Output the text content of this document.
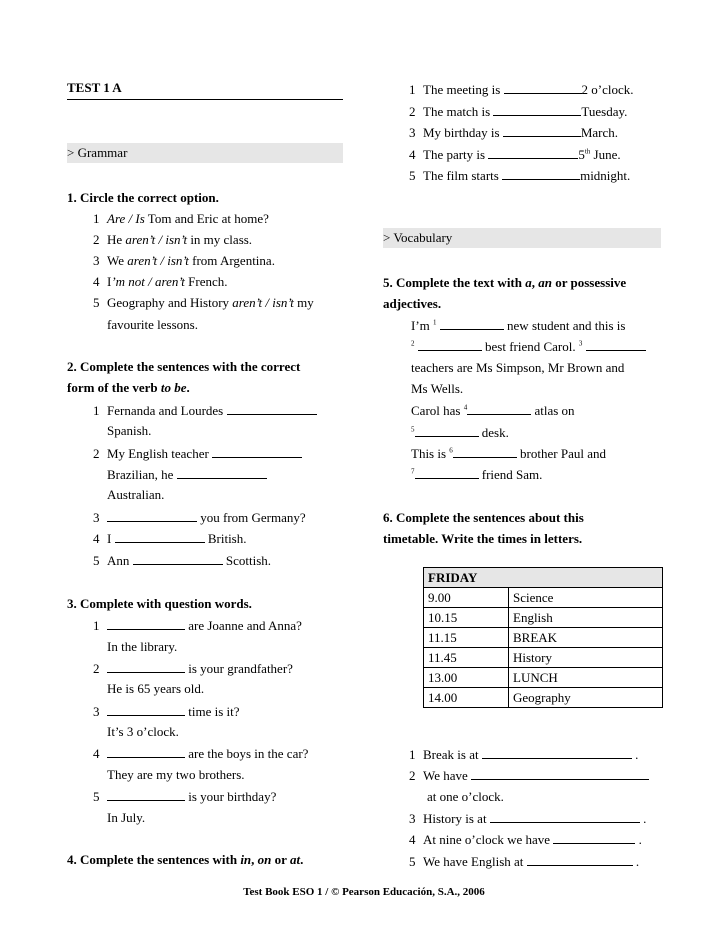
TEST 1 A
> Grammar
1. Circle the correct option.
1 Are / Is Tom and Eric at home?
2 He aren’t / isn’t in my class.
3 We aren’t / isn’t from Argentina.
4 I’m not / aren’t French.
5 Geography and History aren’t / isn’t my
favourite lessons.
2. Complete the sentences with the correct
form of the verb to be.
1 Fernanda and Lourdes
Spanish.
2 My English teacher
Brazilian, he
Australian.
3	you from Germany?
4 I	British.
5 Ann	Scottish.
3. Complete with question words.
1	are Joanne and Anna?
In the library.
2	is your grandfather?
He is 65 years old.
3	time is it?
It’s 3 o’clock.
4	are the boys in the car?
They are my two brothers.
5	is your birthday?
In July.
4. Complete the sentences with in, on or at.
1 The meeting is	2 o’clock.
2 The match is	Tuesday.
3 My birthday is	March.
4 The party is	5th June.
5 The film starts	midnight.
> Vocabulary
5. Complete the text with a, an or possessive
adjectives.
I’m $^1$	new student and this is
$^2$	best friend Carol. $^3$
teachers are Ms Simpson, Mr Brown and
Ms Wells.
Carol has $^4$	atlas on
$^5$	desk.
This is $^6$	brother Paul and
$^7$	friend Sam.
6. Complete the sentences about this
timetable. Write the times in letters.
FRIDAY	
9.00	Science
10.15	English
11.15	BREAK
11.45	History
13.00	LUNCH
14.00	Geography
1 Break is at	.
2 We have
at one o’clock.
3 History is at	.
4 At nine o’clock we have	.
5 We have English at	.
Test Book ESO 1 / © Pearson Educación, S.A., 2006
